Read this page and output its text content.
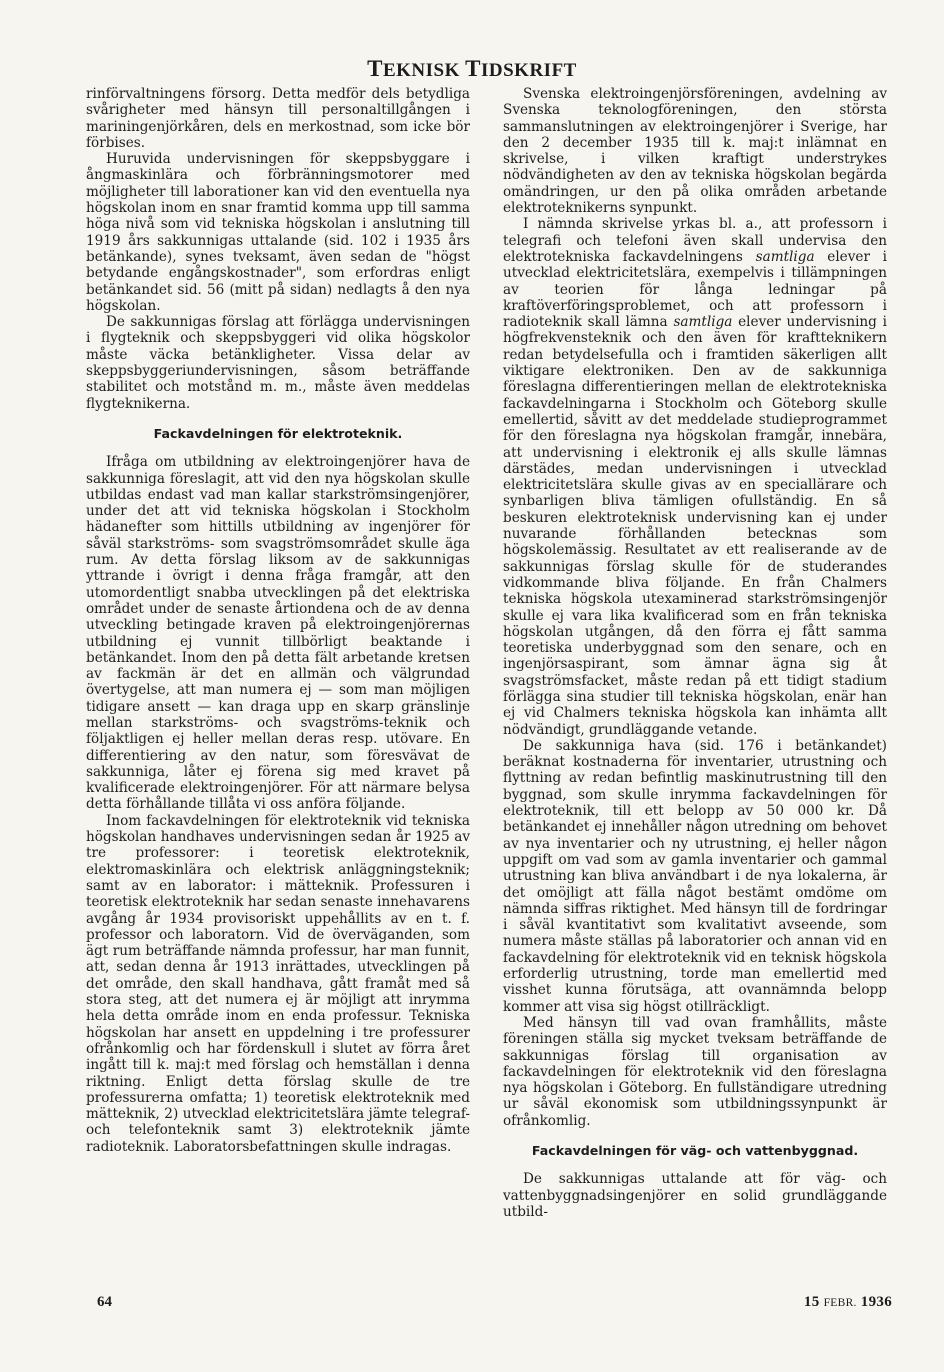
TEKNISK TIDSKRIFT

rinförvaltningens försorg. Detta medför dels betydliga svårigheter med hänsyn till personaltillgången i mariningenjörkåren, dels en merkostnad, som icke bör förbises.

Huruvida undervisningen för skeppsbyggare i ångmaskinlära och förbränningsmotorer med möjligheter till laborationer kan vid den eventuella nya högskolan inom en snar framtid komma upp till samma höga nivå som vid tekniska högskolan i anslutning till 1919 års sakkunnigas uttalande (sid. 102 i 1935 års betänkande), synes tveksamt, även sedan de "högst betydande engångskostnader", som erfordras enligt betänkandet sid. 56 (mitt på sidan) nedlagts å den nya högskolan.

De sakkunnigas förslag att förlägga undervisningen i flygteknik och skeppsbyggeri vid olika högskolor måste väcka betänkligheter. Vissa delar av skeppsbyggeriundervisningen, såsom beträffande stabilitet och motstånd m. m., måste även meddelas flygteknikerna.

Fackavdelningen för elektroteknik.

Ifråga om utbildning av elektroingenjörer hava de sakkunniga föreslagit, att vid den nya högskolan skulle utbildas endast vad man kallar starkströmsingenjörer, under det att vid tekniska högskolan i Stockholm hädanefter som hittills utbildning av ingenjörer för såväl starkströms- som svagströmsområdet skulle äga rum. Av detta förslag liksom av de sakkunnigas yttrande i övrigt i denna fråga framgår, att den utomordentligt snabba utvecklingen på det elektriska området under de senaste årtiondena och de av denna utveckling betingade kraven på elektroingenjörernas utbildning ej vunnit tillbörligt beaktande i betänkandet. Inom den på detta fält arbetande kretsen av fackmän är det en allmän och välgrundad övertygelse, att man numera ej — som man möjligen tidigare ansett — kan draga upp en skarp gränslinje mellan starkströms- och svagströms-teknik och följaktligen ej heller mellan deras resp. utövare. En differentiering av den natur, som föresvävat de sakkunniga, låter ej förena sig med kravet på kvalificerade elektroingenjörer. För att närmare belysa detta förhållande tillåta vi oss anföra följande.

Inom fackavdelningen för elektroteknik vid tekniska högskolan handhaves undervisningen sedan år 1925 av tre professorer: i teoretisk elektroteknik, elektromaskinlära och elektrisk anläggningsteknik; samt av en laborator: i mätteknik. Professuren i teoretisk elektroteknik har sedan senaste innehavarens avgång år 1934 provisoriskt uppehållits av en t. f. professor och laboratorn. Vid de överväganden, som ägt rum beträffande nämnda professur, har man funnit, att, sedan denna år 1913 inrättades, utvecklingen på det område, den skall handhava, gått framåt med så stora steg, att det numera ej är möjligt att inrymma hela detta område inom en enda professur. Tekniska högskolan har ansett en uppdelning i tre professurer ofrånkomlig och har fördenskull i slutet av förra året ingått till k. maj:t med förslag och hemställan i denna riktning. Enligt detta förslag skulle de tre professurerna omfatta; 1) teoretisk elektroteknik med mätteknik, 2) utvecklad elektricitetslära jämte telegraf- och telefonteknik samt 3) elektroteknik jämte radioteknik. Laboratorsbefattningen skulle indragas.

Svenska elektroingenjörsföreningen, avdelning av Svenska teknologföreningen, den största sammanslutningen av elektroingenjörer i Sverige, har den 2 december 1935 till k. maj:t inlämnat en skrivelse, i vilken kraftigt understrykes nödvändigheten av den av tekniska högskolan begärda omändringen, ur den på olika områden arbetande elektroteknikerns synpunkt.

I nämnda skrivelse yrkas bl. a., att professorn i telegrafi och telefoni även skall undervisa den elektrotekniska fackavdelningens samtliga elever i utvecklad elektricitetslära, exempelvis i tillämpningen av teorien för långa ledningar på kraftöverföringsproblemet, och att professorn i radioteknik skall lämna samtliga elever undervisning i högfrekvensteknik och den även för kraftteknikern redan betydelsefulla och i framtiden säkerligen allt viktigare elektroniken. Den av de sakkunniga föreslagna differentieringen mellan de elektrotekniska fackavdelningarna i Stockholm och Göteborg skulle emellertid, såvitt av det meddelade studieprogrammet för den föreslagna nya högskolan framgår, innebära, att undervisning i elektronik ej alls skulle lämnas därstädes, medan undervisningen i utvecklad elektricitetslära skulle givas av en speciallärare och synbarligen bliva tämligen ofullständig. En så beskuren elektroteknisk undervisning kan ej under nuvarande förhållanden betecknas som högskolemässig. Resultatet av ett realiserande av de sakkunnigas förslag skulle för de studerandes vidkommande bliva följande. En från Chalmers tekniska högskola utexaminerad starkströmsingenjör skulle ej vara lika kvalificerad som en från tekniska högskolan utgången, då den förra ej fått samma teoretiska underbyggnad som den senare, och en ingenjörsaspirant, som ämnar ägna sig åt svagströmsfacket, måste redan på ett tidigt stadium förlägga sina studier till tekniska högskolan, enär han ej vid Chalmers tekniska högskola kan inhämta allt nödvändigt, grundläggande vetande.

De sakkunniga hava (sid. 176 i betänkandet) beräknat kostnaderna för inventarier, utrustning och flyttning av redan befintlig maskinutrustning till den byggnad, som skulle inrymma fackavdelningen för elektroteknik, till ett belopp av 50 000 kr. Då betänkandet ej innehåller någon utredning om behovet av nya inventarier och ny utrustning, ej heller någon uppgift om vad som av gamla inventarier och gammal utrustning kan bliva användbart i de nya lokalerna, är det omöjligt att fälla något bestämt omdöme om nämnda siffras riktighet. Med hänsyn till de fordringar i såväl kvantitativt som kvalitativt avseende, som numera måste ställas på laboratorier och annan vid en fackavdelning för elektroteknik vid en teknisk högskola erforderlig utrustning, torde man emellertid med visshet kunna förutsäga, att ovannämnda belopp kommer att visa sig högst otillräckligt.

Med hänsyn till vad ovan framhållits, måste föreningen ställa sig mycket tveksam beträffande de sakkunnigas förslag till organisation av fackavdelningen för elektroteknik vid den föreslagna nya högskolan i Göteborg. En fullständigare utredning ur såväl ekonomisk som utbildningssynpunkt är ofrånkomlig.

Fackavdelningen för väg- och vattenbyggnad.

De sakkunnigas uttalande att för väg- och vattenbyggnadsingenjörer en solid grundläggande utbild-

64	15 FEBR. 1936
